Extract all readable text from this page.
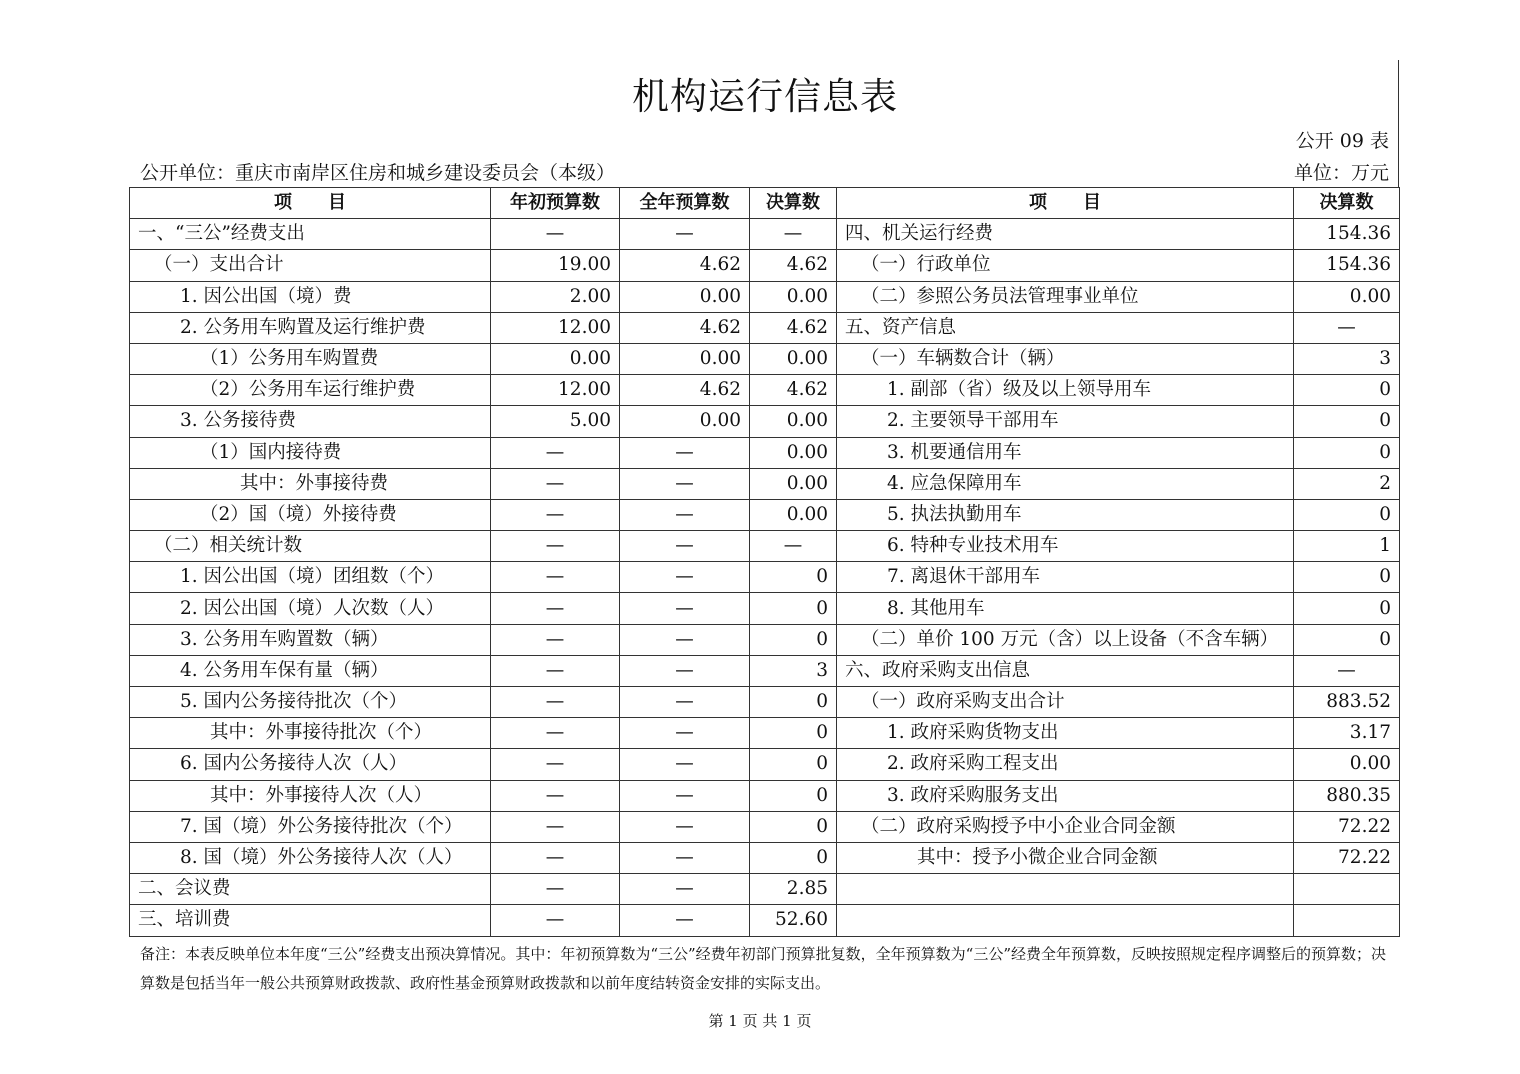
机构运行信息表
公开 09 表
公开单位：重庆市南岸区住房和城乡建设委员会（本级）	单位：万元
项　　目	年初预算数	全年预算数	决算数	项　　目	决算数
一、“三公”经费支出	—	—	—	四、机关运行经费	154.36
（一）支出合计	19.00	4.62	4.62	（一）行政单位	154.36
1. 因公出国（境）费	2.00	0.00	0.00	（二）参照公务员法管理事业单位	0.00
2. 公务用车购置及运行维护费	12.00	4.62	4.62	五、资产信息	—
（1）公务用车购置费	0.00	0.00	0.00	（一）车辆数合计（辆）	3
（2）公务用车运行维护费	12.00	4.62	4.62	1. 副部（省）级及以上领导用车	0
3. 公务接待费	5.00	0.00	0.00	2. 主要领导干部用车	0
（1）国内接待费	—	—	0.00	3. 机要通信用车	0
其中：外事接待费	—	—	0.00	4. 应急保障用车	2
（2）国（境）外接待费	—	—	0.00	5. 执法执勤用车	0
（二）相关统计数	—	—	—	6. 特种专业技术用车	1
1. 因公出国（境）团组数（个）	—	—	0	7. 离退休干部用车	0
2. 因公出国（境）人次数（人）	—	—	0	8. 其他用车	0
3. 公务用车购置数（辆）	—	—	0	（二）单价 100 万元（含）以上设备（不含车辆）	0
4. 公务用车保有量（辆）	—	—	3	六、政府采购支出信息	—
5. 国内公务接待批次（个）	—	—	0	（一）政府采购支出合计	883.52
其中：外事接待批次（个）	—	—	0	1. 政府采购货物支出	3.17
6. 国内公务接待人次（人）	—	—	0	2. 政府采购工程支出	0.00
其中：外事接待人次（人）	—	—	0	3. 政府采购服务支出	880.35
7. 国（境）外公务接待批次（个）	—	—	0	（二）政府采购授予中小企业合同金额	72.22
8. 国（境）外公务接待人次（人）	—	—	0	其中：授予小微企业合同金额	72.22
二、会议费	—	—	2.85		
三、培训费	—	—	52.60		
备注：本表反映单位本年度“三公”经费支出预决算情况。其中：年初预算数为“三公”经费年初部门预算批复数，全年预算数为“三公”经费全年预算数，反映按照规定程序调整后的预算数；决算数是包括当年一般公共预算财政拨款、政府性基金预算财政拨款和以前年度结转资金安排的实际支出。
第 1 页 共 1 页
